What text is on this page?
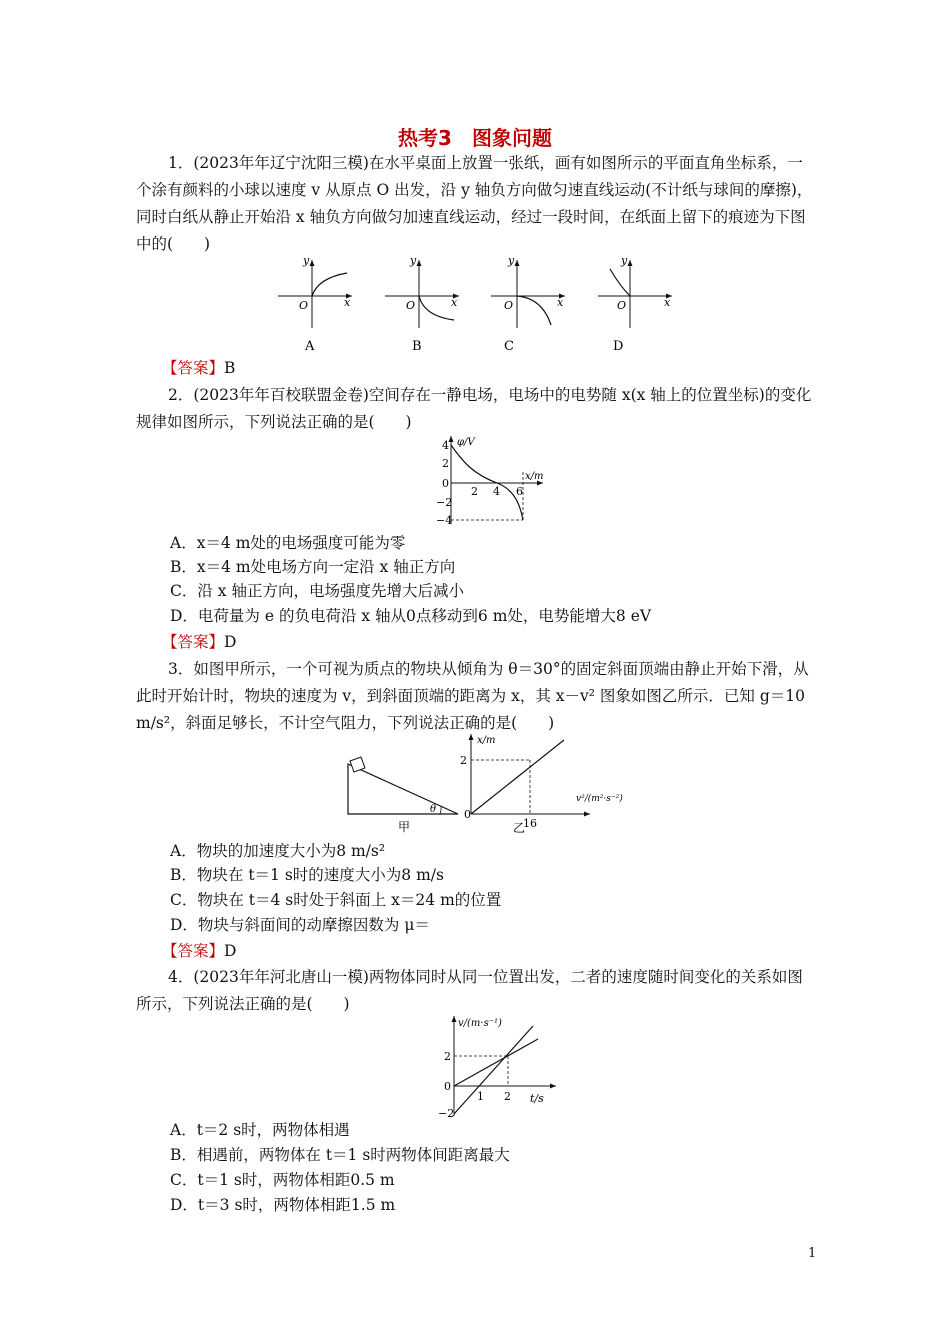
热考3　图象问题
1．(2023年年辽宁沈阳三模)在水平桌面上放置一张纸，画有如图所示的平面直角坐标系，一个涂有颜料的小球以速度 v 从原点 O 出发，沿 y 轴负方向做匀速直线运动(不计纸与球间的摩擦)，同时白纸从静止开始沿 x 轴负方向做匀加速直线运动，经过一段时间，在纸面上留下的痕迹为下图中的(　　)
y
x
O
A
y
x
O
B
y
x
O
C
y
x
O
D
【答案】B
2．(2023年年百校联盟金卷)空间存在一静电场，电场中的电势随 x(x 轴上的位置坐标)的变化规律如图所示，下列说法正确的是(　　)
φ/V
x/m
4
2
0
−2
−4
2 4 6
A．x＝4 m处的电场强度可能为零
B．x＝4 m处电场方向一定沿 x 轴正方向
C．沿 x 轴正方向，电场强度先增大后减小
D．电荷量为 e 的负电荷沿 x 轴从0点移动到6 m处，电势能增大8 eV
【答案】D
3．如图甲所示，一个可视为质点的物块从倾角为 θ＝30°的固定斜面顶端由静止开始下滑，从此时开始计时，物块的速度为 v，到斜面顶端的距离为 x，其 x－v² 图象如图乙所示．已知 g＝10 m/s²，斜面足够长，不计空气阻力，下列说法正确的是(　　)
θ
甲
x/m
v²/(m²·s⁻²)
2
16
0
乙
A．物块的加速度大小为8 m/s²
B．物块在 t＝1 s时的速度大小为8 m/s
C．物块在 t＝4 s时处于斜面上 x＝24 m的位置
D．物块与斜面间的动摩擦因数为 μ＝
【答案】D
4．(2023年年河北唐山一模)两物体同时从同一位置出发，二者的速度随时间变化的关系如图所示，下列说法正确的是(　　)
v/(m·s⁻¹)
t/s
2
0
−2
1 2
A．t＝2 s时，两物体相遇
B．相遇前，两物体在 t＝1 s时两物体间距离最大
C．t＝1 s时，两物体相距0.5 m
D．t＝3 s时，两物体相距1.5 m
1
